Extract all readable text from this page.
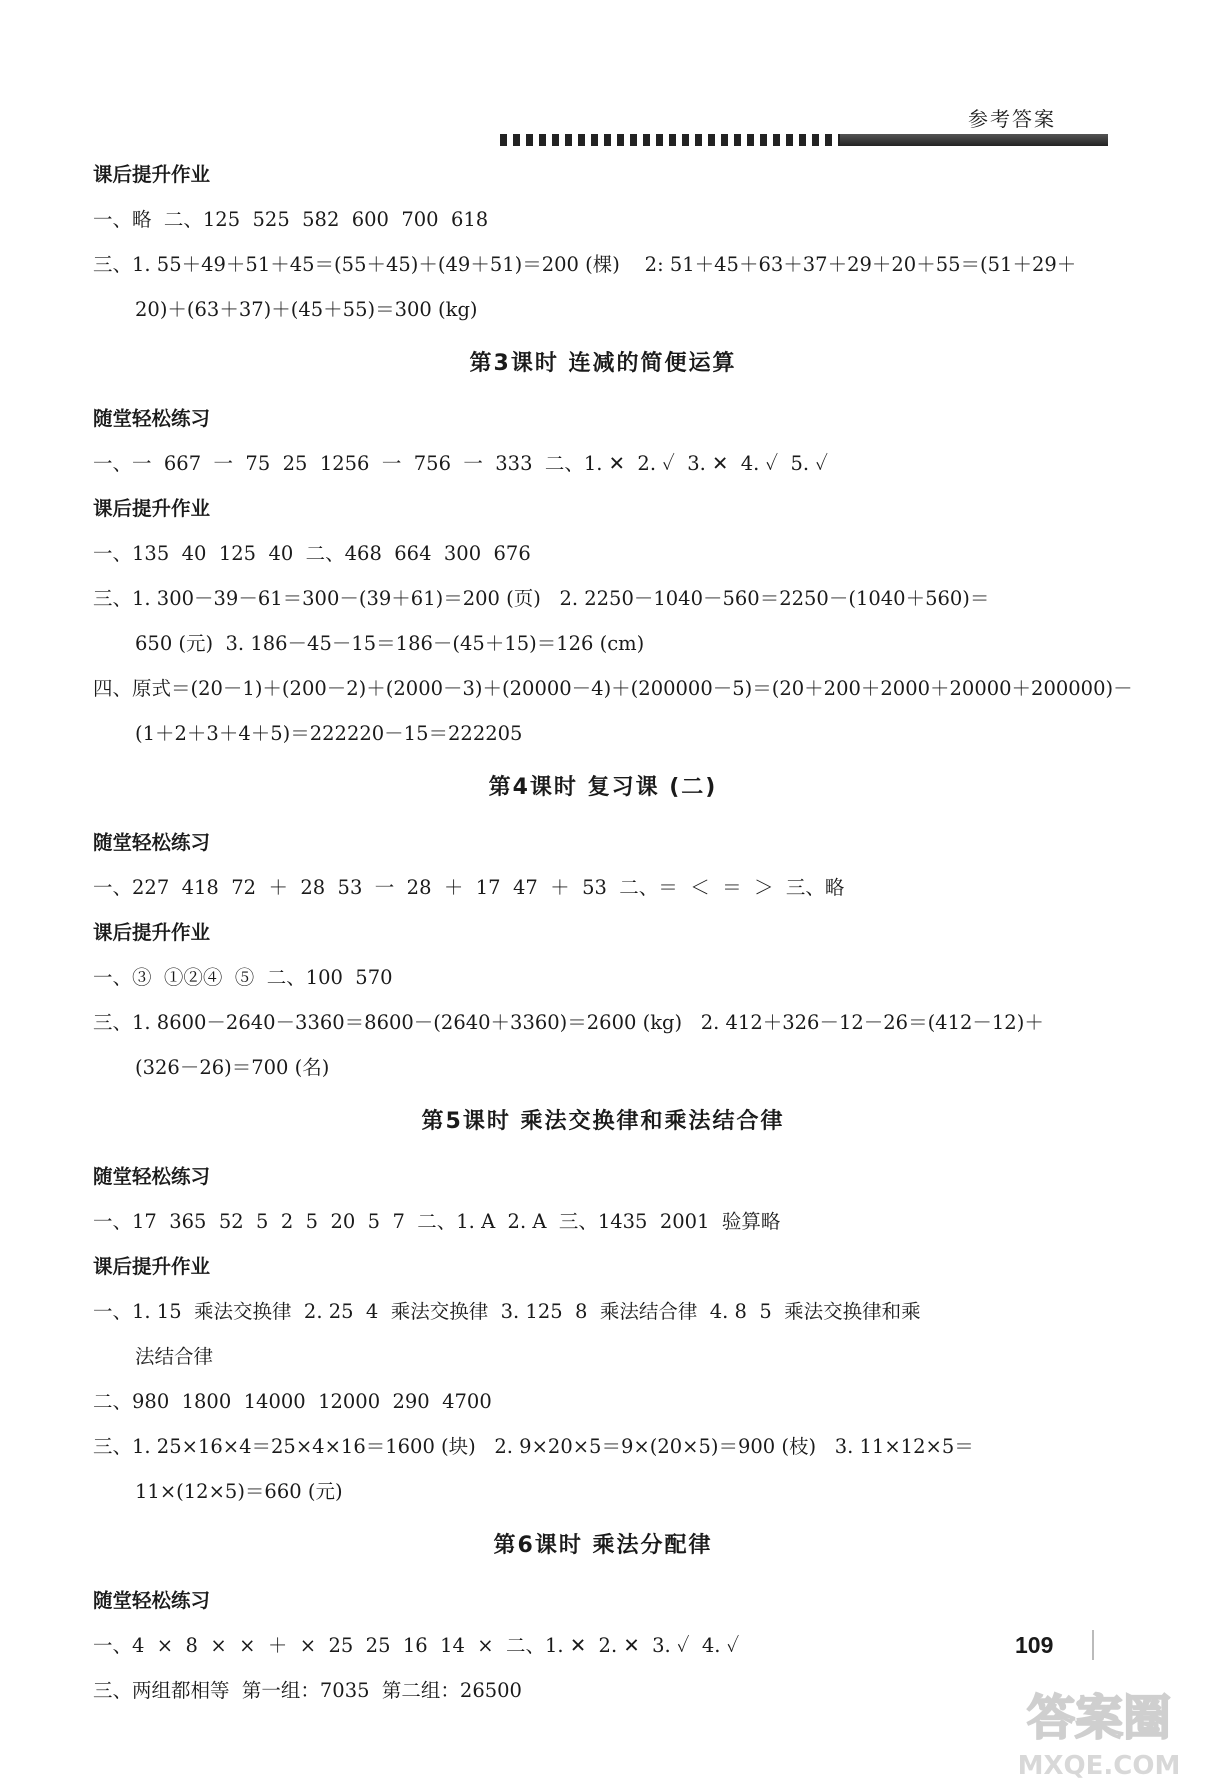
参考答案
课后提升作业
一、略  二、125  525  582  600  700  618
三、1. 55＋49＋51＋45＝(55＋45)＋(49＋51)＝200 (棵)    2: 51＋45＋63＋37＋29＋20＋55＝(51＋29＋
20)＋(63＋37)＋(45＋55)＝300 (kg)
第3课时 连减的简便运算
随堂轻松练习
一、一  667  一  75  25  1256  一  756  一  333  二、1. ✕  2. ✓  3. ✕  4. ✓  5. ✓
课后提升作业
一、135  40  125  40  二、468  664  300  676
三、1. 300－39－61＝300－(39＋61)＝200 (页)   2. 2250－1040－560＝2250－(1040＋560)＝
650 (元)  3. 186－45－15＝186－(45＋15)＝126 (cm)
四、原式＝(20－1)＋(200－2)＋(2000－3)＋(20000－4)＋(200000－5)＝(20＋200＋2000＋20000＋200000)－
(1＋2＋3＋4＋5)＝222220－15＝222205
第4课时 复习课 (二)
随堂轻松练习
一、227  418  72  ＋  28  53  一  28  ＋  17  47  ＋  53  二、＝  ＜  ＝  ＞  三、略
课后提升作业
一、③  ①②④  ⑤  二、100  570
三、1. 8600－2640－3360＝8600－(2640＋3360)＝2600 (kg)   2. 412＋326－12－26＝(412－12)＋
(326－26)＝700 (名)
第5课时 乘法交换律和乘法结合律
随堂轻松练习
一、17  365  52  5  2  5  20  5  7  二、1. A  2. A  三、1435  2001  验算略
课后提升作业
一、1. 15  乘法交换律  2. 25  4  乘法交换律  3. 125  8  乘法结合律  4. 8  5  乘法交换律和乘
法结合律
二、980  1800  14000  12000  290  4700
三、1. 25×16×4＝25×4×16＝1600 (块)   2. 9×20×5＝9×(20×5)＝900 (枝)   3. 11×12×5＝
11×(12×5)＝660 (元)
第6课时 乘法分配律
随堂轻松练习
一、4  ×  8  ×  ×  ＋  ×  25  25  16  14  ×  二、1. ✕  2. ✕  3. ✓  4. ✓
三、两组都相等  第一组：7035  第二组：26500
109
答案圈
MXQE.COM
